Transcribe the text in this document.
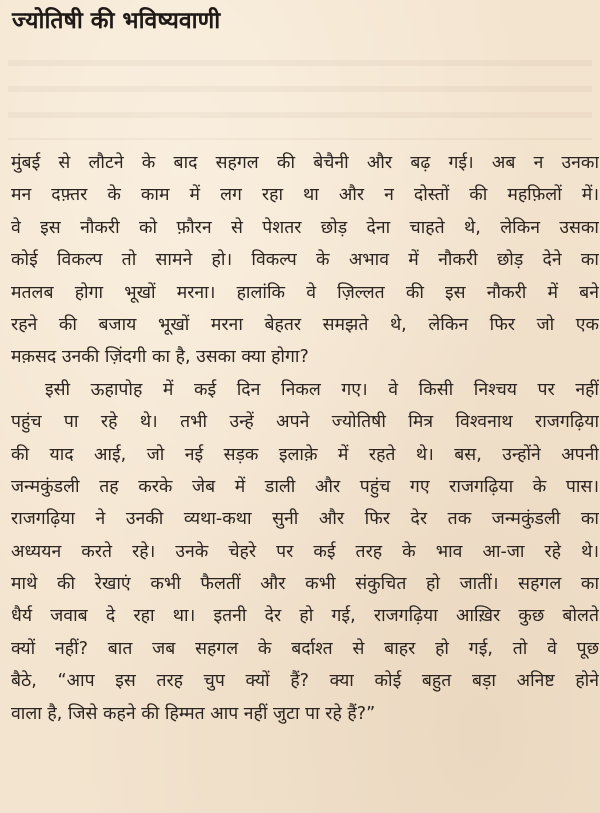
ज्योतिषी की भविष्यवाणी
मुंबई से लौटने के बाद सहगल की बेचैनी और बढ़ गई। अब न उनका
मन दफ़्तर के काम में लग रहा था और न दोस्तों की महफ़िलों में।
वे इस नौकरी को फ़ौरन से पेशतर छोड़ देना चाहते थे, लेकिन उसका
कोई विकल्प तो सामने हो। विकल्प के अभाव में नौकरी छोड़ देने का
मतलब होगा भूखों मरना। हालांकि वे ज़िल्लत की इस नौकरी में बने
रहने की बजाय भूखों मरना बेहतर समझते थे, लेकिन फिर जो एक
मक़सद उनकी ज़िंदगी का है, उसका क्या होगा?
इसी ऊहापोह में कई दिन निकल गए। वे किसी निश्चय पर नहीं
पहुंच पा रहे थे। तभी उन्हें अपने ज्योतिषी मित्र विश्वनाथ राजगढ़िया
की याद आई, जो नई सड़क इलाक़े में रहते थे। बस, उन्होंने अपनी
जन्मकुंडली तह करके जेब में डाली और पहुंच गए राजगढ़िया के पास।
राजगढ़िया ने उनकी व्यथा-कथा सुनी और फिर देर तक जन्मकुंडली का
अध्ययन करते रहे। उनके चेहरे पर कई तरह के भाव आ-जा रहे थे।
माथे की रेखाएं कभी फैलतीं और कभी संकुचित हो जातीं। सहगल का
धैर्य जवाब दे रहा था। इतनी देर हो गई, राजगढ़िया आख़िर कुछ बोलते
क्यों नहीं? बात जब सहगल के बर्दाश्त से बाहर हो गई, तो वे पूछ
बैठे, “आप इस तरह चुप क्यों हैं? क्या कोई बहुत बड़ा अनिष्ट होने
वाला है, जिसे कहने की हिम्मत आप नहीं जुटा पा रहे हैं?”
